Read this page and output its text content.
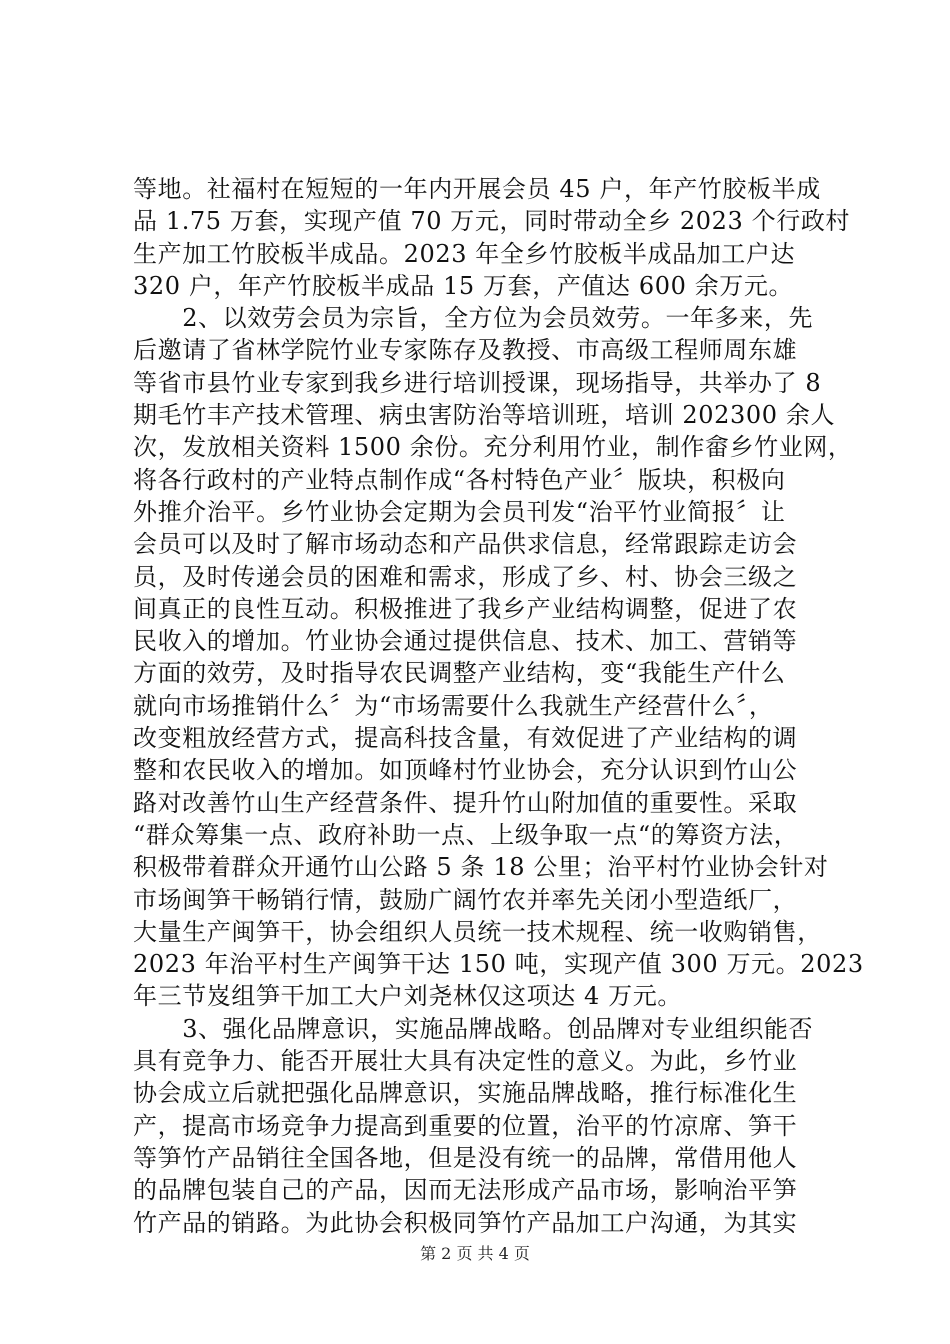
等地。社福村在短短的一年内开展会员 45 户，年产竹胶板半成
品 1.75 万套，实现产值 70 万元，同时带动全乡 2023 个行政村
生产加工竹胶板半成品。2023 年全乡竹胶板半成品加工户达
320 户，年产竹胶板半成品 15 万套，产值达 600 余万元。
　　2、以效劳会员为宗旨，全方位为会员效劳。一年多来，先
后邀请了省林学院竹业专家陈存及教授、市高级工程师周东雄
等省市县竹业专家到我乡进行培训授课，现场指导，共举办了 8
期毛竹丰产技术管理、病虫害防治等培训班，培训 202300 余人
次，发放相关资料 1500 余份。充分利用竹业，制作畲乡竹业网，
将各行政村的产业特点制作成“各村特色产业〞版块，积极向
外推介治平。乡竹业协会定期为会员刊发“治平竹业简报〞让
会员可以及时了解市场动态和产品供求信息，经常跟踪走访会
员，及时传递会员的困难和需求，形成了乡、村、协会三级之
间真正的良性互动。积极推进了我乡产业结构调整，促进了农
民收入的增加。竹业协会通过提供信息、技术、加工、营销等
方面的效劳，及时指导农民调整产业结构，变“我能生产什么
就向市场推销什么〞为“市场需要什么我就生产经营什么〞，
改变粗放经营方式，提高科技含量，有效促进了产业结构的调
整和农民收入的增加。如顶峰村竹业协会，充分认识到竹山公
路对改善竹山生产经营条件、提升竹山附加值的重要性。采取
“群众筹集一点、政府补助一点、上级争取一点“的筹资方法，
积极带着群众开通竹山公路 5 条 18 公里；治平村竹业协会针对
市场闽笋干畅销行情，鼓励广阔竹农并率先关闭小型造纸厂，
大量生产闽笋干，协会组织人员统一技术规程、统一收购销售，
2023 年治平村生产闽笋干达 150 吨，实现产值 300 万元。2023
年三节岌组笋干加工大户刘尧林仅这项达 4 万元。
　　3、强化品牌意识，实施品牌战略。创品牌对专业组织能否
具有竞争力、能否开展壮大具有决定性的意义。为此，乡竹业
协会成立后就把强化品牌意识，实施品牌战略，推行标准化生
产，提高市场竞争力提高到重要的位置，治平的竹凉席、笋干
等笋竹产品销往全国各地，但是没有统一的品牌，常借用他人
的品牌包装自己的产品，因而无法形成产品市场，影响治平笋
竹产品的销路。为此协会积极同笋竹产品加工户沟通，为其实
第 2 页 共 4 页
